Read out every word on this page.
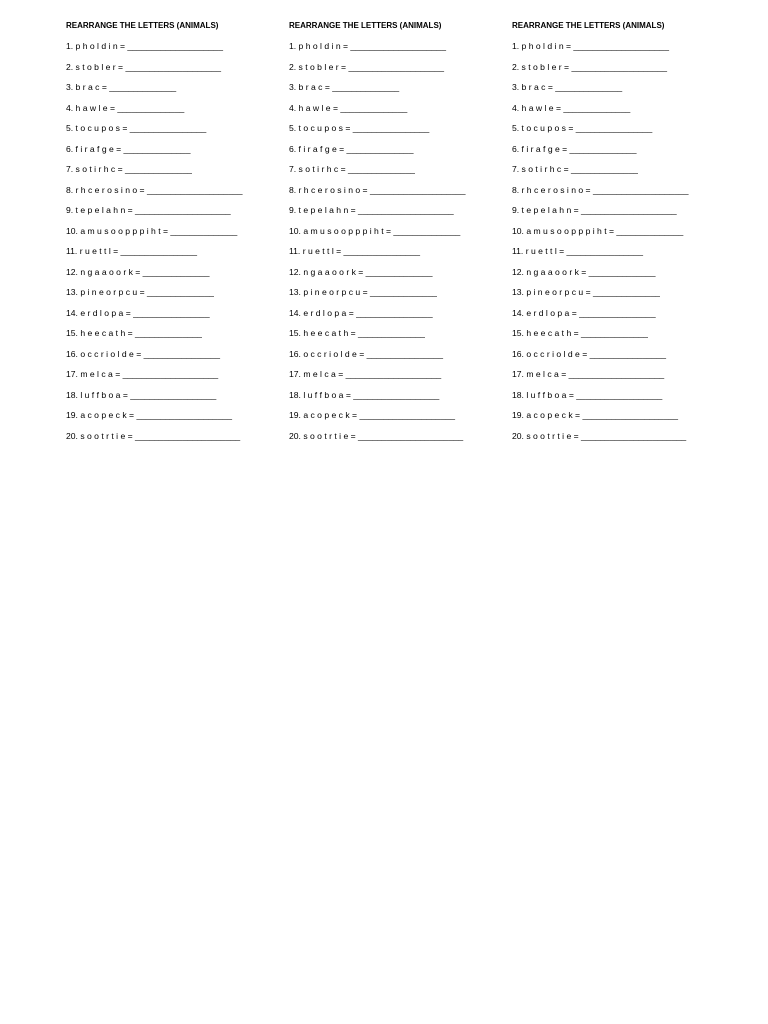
REARRANGE THE LETTERS (ANIMALS)
1. p h o l d i n = ____________________
2. s t o b l e r = ____________________
3. b r a c = ______________
4. h a w l e = ______________
5. t o c u p o s = ________________
6. f i r a f g e = ______________
7. s o t i r h c = ______________
8. r h c e r o s i n o = ____________________
9. t e p e l a h n = ____________________
10. a m u s o o p p p i h t = ______________
11. r u e t t l = ________________
12. n g a a o o r k = ______________
13. p i n e o r p c u = ______________
14. e r d l o p a = ________________
15. h e e c a t h = ______________
16. o c c r i o l d e = ________________
17. m e l c a = ____________________
18. l u f f b o a = __________________
19. a c o p e c k = ____________________
20. s o o t r t i e = ______________________
REARRANGE THE LETTERS (ANIMALS)
1. p h o l d i n = ____________________
2. s t o b l e r = ____________________
3. b r a c = ______________
4. h a w l e = ______________
5. t o c u p o s = ________________
6. f i r a f g e = ______________
7. s o t i r h c = ______________
8. r h c e r o s i n o = ____________________
9. t e p e l a h n = ____________________
10. a m u s o o p p p i h t = ______________
11. r u e t t l = ________________
12. n g a a o o r k = ______________
13. p i n e o r p c u = ______________
14. e r d l o p a = ________________
15. h e e c a t h = ______________
16. o c c r i o l d e = ________________
17. m e l c a = ____________________
18. l u f f b o a = __________________
19. a c o p e c k = ____________________
20. s o o t r t i e = ______________________
REARRANGE THE LETTERS (ANIMALS)
1. p h o l d i n = ____________________
2. s t o b l e r = ____________________
3. b r a c = ______________
4. h a w l e = ______________
5. t o c u p o s = ________________
6. f i r a f g e = ______________
7. s o t i r h c = ______________
8. r h c e r o s i n o = ____________________
9. t e p e l a h n = ____________________
10. a m u s o o p p p i h t = ______________
11. r u e t t l = ________________
12. n g a a o o r k = ______________
13. p i n e o r p c u = ______________
14. e r d l o p a = ________________
15. h e e c a t h = ______________
16. o c c r i o l d e = ________________
17. m e l c a = ____________________
18. l u f f b o a = __________________
19. a c o p e c k = ____________________
20. s o o t r t i e = ______________________
